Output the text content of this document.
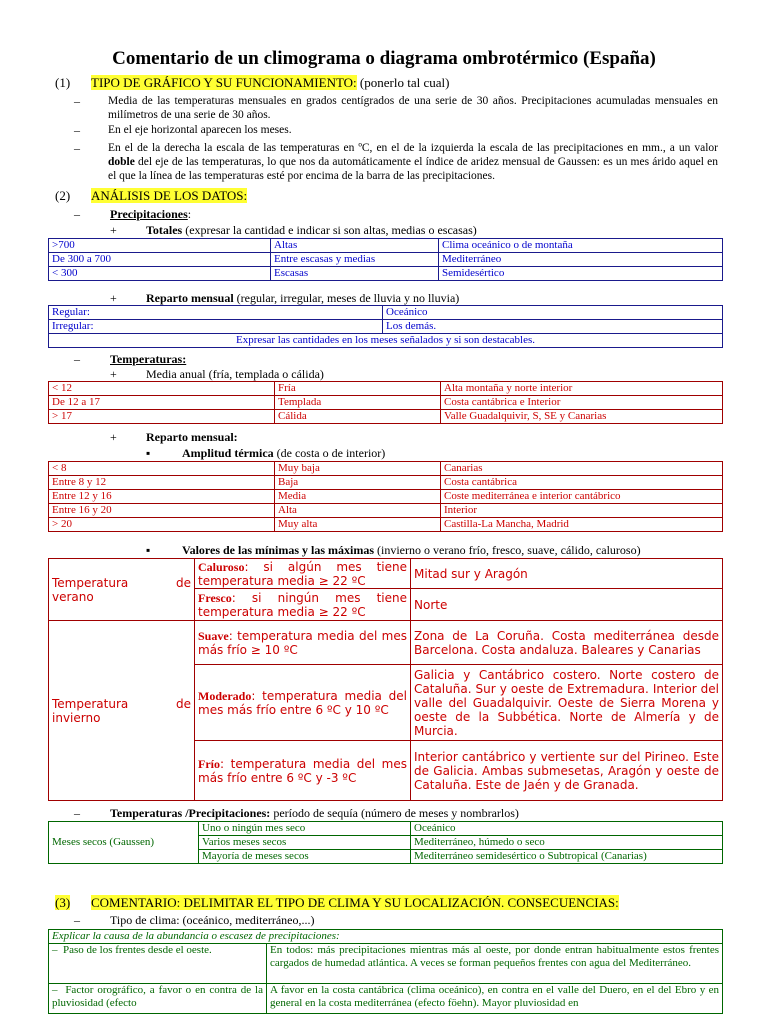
Comentario de un climograma o diagrama ombrotérmico (España)
(1) TIPO DE GRÁFICO Y SU FUNCIONAMIENTO: (ponerlo tal cual)
– Media de las temperaturas mensuales en grados centígrados de una serie de 30 años. Precipitaciones acumuladas mensuales en milímetros de una serie de 30 años.
– En el eje horizontal aparecen los meses.
– En el de la derecha la escala de las temperaturas en ºC, en el de la izquierda la escala de las precipitaciones en mm., a un valor doble del eje de las temperaturas, lo que nos da automáticamente el índice de aridez mensual de Gaussen: es un mes árido aquel en el que la línea de las temperaturas esté por encima de la barra de las precipitaciones.
(2) ANÁLISIS DE LOS DATOS:
–	Precipitaciones:
+ Totales (expresar la cantidad e indicar si son altas, medias o escasas)
>700	Altas	Clima oceánico o de montaña
De 300 a 700	Entre escasas y medias	Mediterráneo
< 300	Escasas	Semidesértico
+ Reparto mensual (regular, irregular, meses de lluvia y no lluvia)
Regular:	Oceánico
Irregular:	Los demás.
Expresar las cantidades en los meses señalados y si son destacables.	
–	Temperaturas:
+ Media anual (fría, templada o cálida)
< 12	Fría	Alta montaña y norte interior
De 12 a 17	Templada	Costa cantábrica e Interior
> 17	Cálida	Valle Guadalquivir, S, SE y Canarias
+ Reparto mensual:
▪	Amplitud térmica (de costa o de interior)
< 8	Muy baja	Canarias
Entre 8 y 12	Baja	Costa cantábrica
Entre 12 y 16	Media	Coste mediterránea e interior cantábrico
Entre 16 y 20	Alta	Interior
> 20	Muy alta	Castilla-La Mancha, Madrid
▪	Valores de las mínimas y las máximas (invierno o verano frío, fresco, suave, cálido, caluroso)
Temperatura de verano	Caluroso: si algún mes tiene temperatura media ≥ 22 ºC	Mitad sur y Aragón
	Fresco: si ningún mes tiene temperatura media ≥ 22 ºC	Norte
Temperatura de invierno	Suave: temperatura media del mes más frío ≥ 10 ºC	Zona de La Coruña. Costa mediterránea desde Barcelona. Costa andaluza. Baleares y Canarias
	Moderado: temperatura media del mes más frío entre 6 ºC y 10 ºC	Galicia y Cantábrico costero. Norte costero de Cataluña. Sur y oeste de Extremadura. Interior del valle del Guadalquivir. Oeste de Sierra Morena y oeste de la Subbética. Norte de Almería y de Murcia.
	Frío: temperatura media del mes más frío entre 6 ºC y -3 ºC	Interior cantábrico y vertiente sur del Pirineo. Este de Galicia. Ambas submesetas, Aragón y oeste de Cataluña. Este de Jaén y de Granada.
–	Temperaturas /Precipitaciones: período de sequía (número de meses y nombrarlos)
Meses secos (Gaussen)	Uno o ningún mes seco	Oceánico
	Varios meses secos	Mediterráneo, húmedo o seco
	Mayoría de meses secos	Mediterráneo semidesértico o Subtropical (Canarias)
(3) COMENTARIO: DELIMITAR EL TIPO DE CLIMA Y SU LOCALIZACIÓN. CONSECUENCIAS:
–	Tipo de clima: (oceánico, mediterráneo,...)
Explicar la causa de la abundancia o escasez de precipitaciones:	
– Paso de los frentes desde el oeste.	En todos: más precipitaciones mientras más al oeste, por donde entran habitualmente estos frentes cargados de humedad atlántica. A veces se forman pequeños frentes con agua del Mediterráneo.
– Factor orográfico, a favor o en contra de la pluviosidad (efecto	A favor en la costa cantábrica (clima oceánico), en contra en el valle del Duero, en el del Ebro y en general en la costa mediterránea (efecto föehn). Mayor pluviosidad en
